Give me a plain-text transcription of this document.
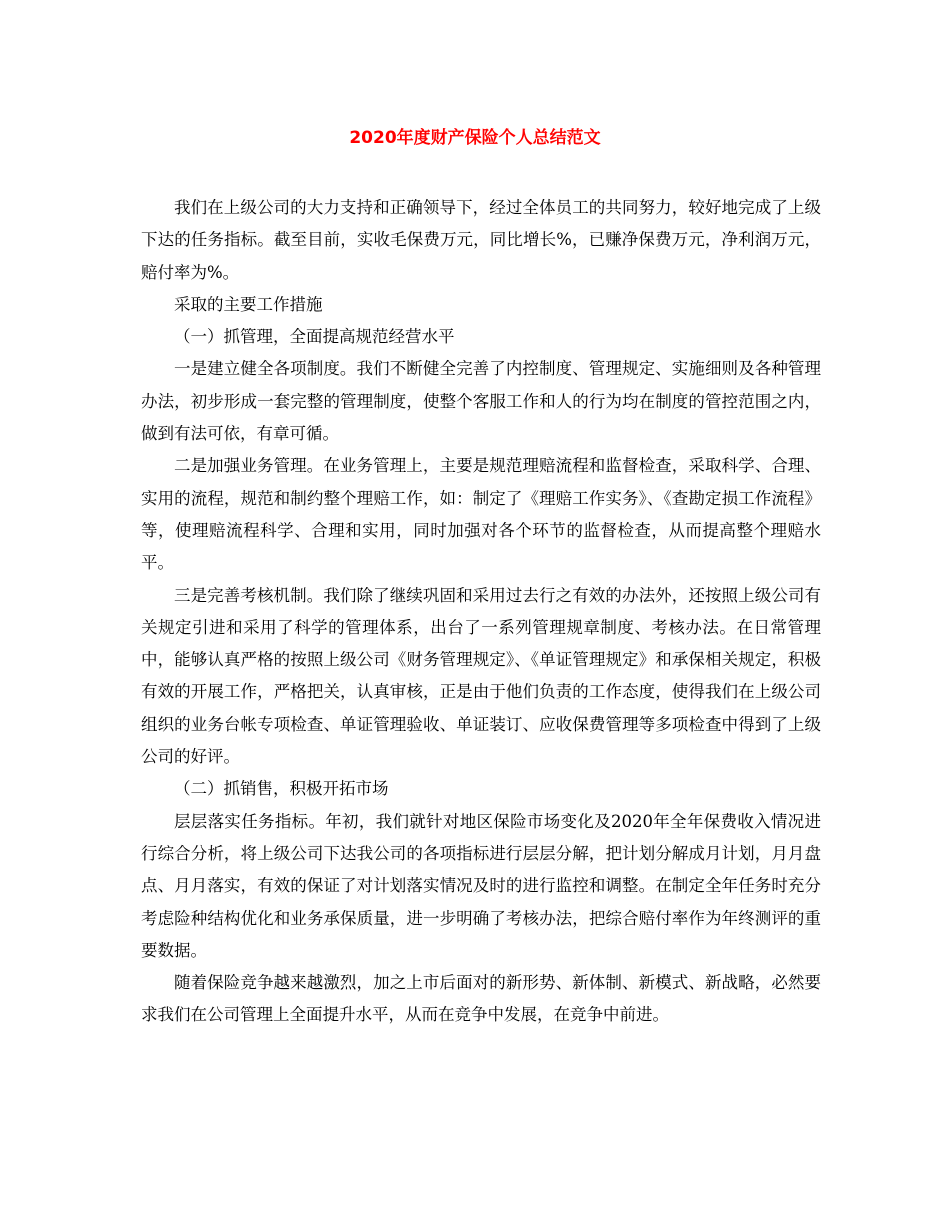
2020年度财产保险个人总结范文

我们在上级公司的大力支持和正确领导下，经过全体员工的共同努力，较好地完成了上级下达的任务指标。截至目前，实收毛保费万元，同比增长%，已赚净保费万元，净利润万元，赔付率为%。

采取的主要工作措施

（一）抓管理，全面提高规范经营水平

一是建立健全各项制度。我们不断健全完善了内控制度、管理规定、实施细则及各种管理办法，初步形成一套完整的管理制度，使整个客服工作和人的行为均在制度的管控范围之内，做到有法可依，有章可循。

二是加强业务管理。在业务管理上，主要是规范理赔流程和监督检查，采取科学、合理、实用的流程，规范和制约整个理赔工作，如：制定了《理赔工作实务》、《查勘定损工作流程》等，使理赔流程科学、合理和实用，同时加强对各个环节的监督检查，从而提高整个理赔水平。

三是完善考核机制。我们除了继续巩固和采用过去行之有效的办法外，还按照上级公司有关规定引进和采用了科学的管理体系，出台了一系列管理规章制度、考核办法。在日常管理中，能够认真严格的按照上级公司《财务管理规定》、《单证管理规定》和承保相关规定，积极有效的开展工作，严格把关，认真审核，正是由于他们负责的工作态度，使得我们在上级公司组织的业务台帐专项检查、单证管理验收、单证装订、应收保费管理等多项检查中得到了上级公司的好评。

（二）抓销售，积极开拓市场

层层落实任务指标。年初，我们就针对地区保险市场变化及2020年全年保费收入情况进行综合分析，将上级公司下达我公司的各项指标进行层层分解，把计划分解成月计划，月月盘点、月月落实，有效的保证了对计划落实情况及时的进行监控和调整。在制定全年任务时充分考虑险种结构优化和业务承保质量，进一步明确了考核办法，把综合赔付率作为年终测评的重要数据。

随着保险竞争越来越激烈，加之上市后面对的新形势、新体制、新模式、新战略，必然要求我们在公司管理上全面提升水平，从而在竞争中发展，在竞争中前进。
